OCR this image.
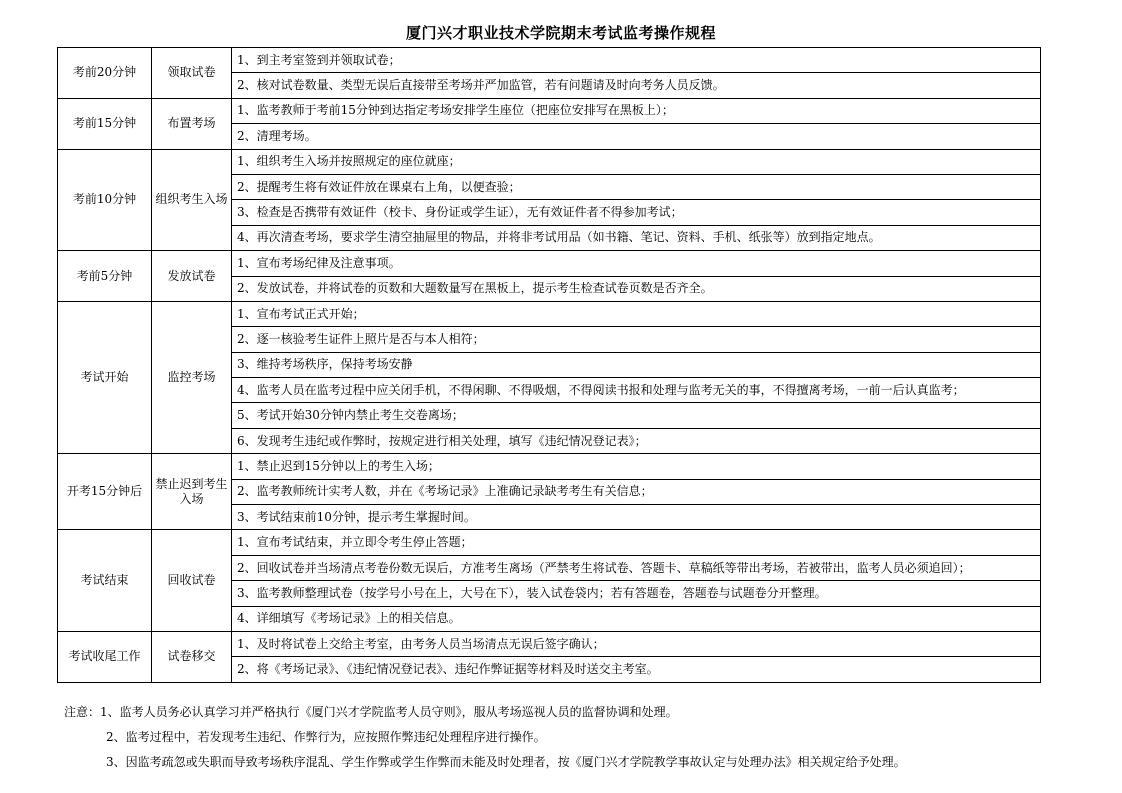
厦门兴才职业技术学院期末考试监考操作规程
考前20分钟	领取试卷	1、到主考室签到并领取试卷；
		2、核对试卷数量、类型无误后直接带至考场并严加监管，若有问题请及时向考务人员反馈。
考前15分钟	布置考场	1、监考教师于考前15分钟到达指定考场安排学生座位（把座位安排写在黑板上）；
		2、清理考场。
考前10分钟	组织考生入场	1、组织考生入场并按照规定的座位就座；
		2、提醒考生将有效证件放在课桌右上角，以便查验；
		3、检查是否携带有效证件（校卡、身份证或学生证），无有效证件者不得参加考试；
		4、再次清查考场，要求学生清空抽屉里的物品，并将非考试用品（如书籍、笔记、资料、手机、纸张等）放到指定地点。
考前5分钟	发放试卷	1、宣布考场纪律及注意事项。
		2、发放试卷，并将试卷的页数和大题数量写在黑板上，提示考生检查试卷页数是否齐全。
考试开始	监控考场	1、宣布考试正式开始；
		2、逐一核验考生证件上照片是否与本人相符；
		3、维持考场秩序，保持考场安静
		4、监考人员在监考过程中应关闭手机，不得闲聊、不得吸烟，不得阅读书报和处理与监考无关的事，不得擅离考场，一前一后认真监考；
		5、考试开始30分钟内禁止考生交卷离场；
		6、发现考生违纪或作弊时，按规定进行相关处理，填写《违纪情况登记表》；
开考15分钟后	禁止迟到考生入场	1、禁止迟到15分钟以上的考生入场；
		2、监考教师统计实考人数，并在《考场记录》上准确记录缺考考生有关信息；
		3、考试结束前10分钟，提示考生掌握时间。
考试结束	回收试卷	1、宣布考试结束，并立即令考生停止答题；
		2、回收试卷并当场清点考卷份数无误后，方准考生离场（严禁考生将试卷、答题卡、草稿纸等带出考场，若被带出，监考人员必须追回）；
		3、监考教师整理试卷（按学号小号在上，大号在下），装入试卷袋内；若有答题卷，答题卷与试题卷分开整理。
		4、详细填写《考场记录》上的相关信息。
考试收尾工作	试卷移交	1、及时将试卷上交给主考室，由考务人员当场清点无误后签字确认；
		2、将《考场记录》、《违纪情况登记表》、违纪作弊证据等材料及时送交主考室。
注意：1、监考人员务必认真学习并严格执行《厦门兴才学院监考人员守则》，服从考场巡视人员的监督协调和处理。
2、监考过程中，若发现考生违纪、作弊行为，应按照作弊违纪处理程序进行操作。
3、因监考疏忽或失职而导致考场秩序混乱、学生作弊或学生作弊而未能及时处理者，按《厦门兴才学院教学事故认定与处理办法》相关规定给予处理。
